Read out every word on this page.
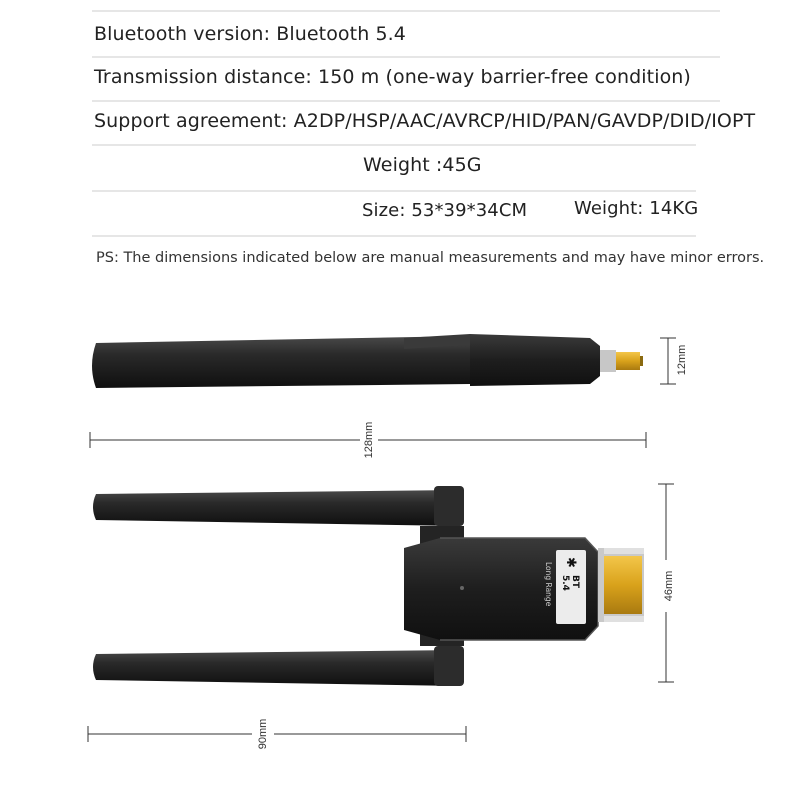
Bluetooth version: Bluetooth 5.4
Transmission distance: 150 m (one-way barrier-free condition)
Support agreement: A2DP/HSP/AAC/AVRCP/HID/PAN/GAVDP/DID/IOPT
Weight :45G
Size: 53*39*34CM	Weight: 14KG
PS: The dimensions indicated below are manual measurements and may have minor errors.
✱
BT
5.4
Long Range
12mm
128mm
46mm
90mm
